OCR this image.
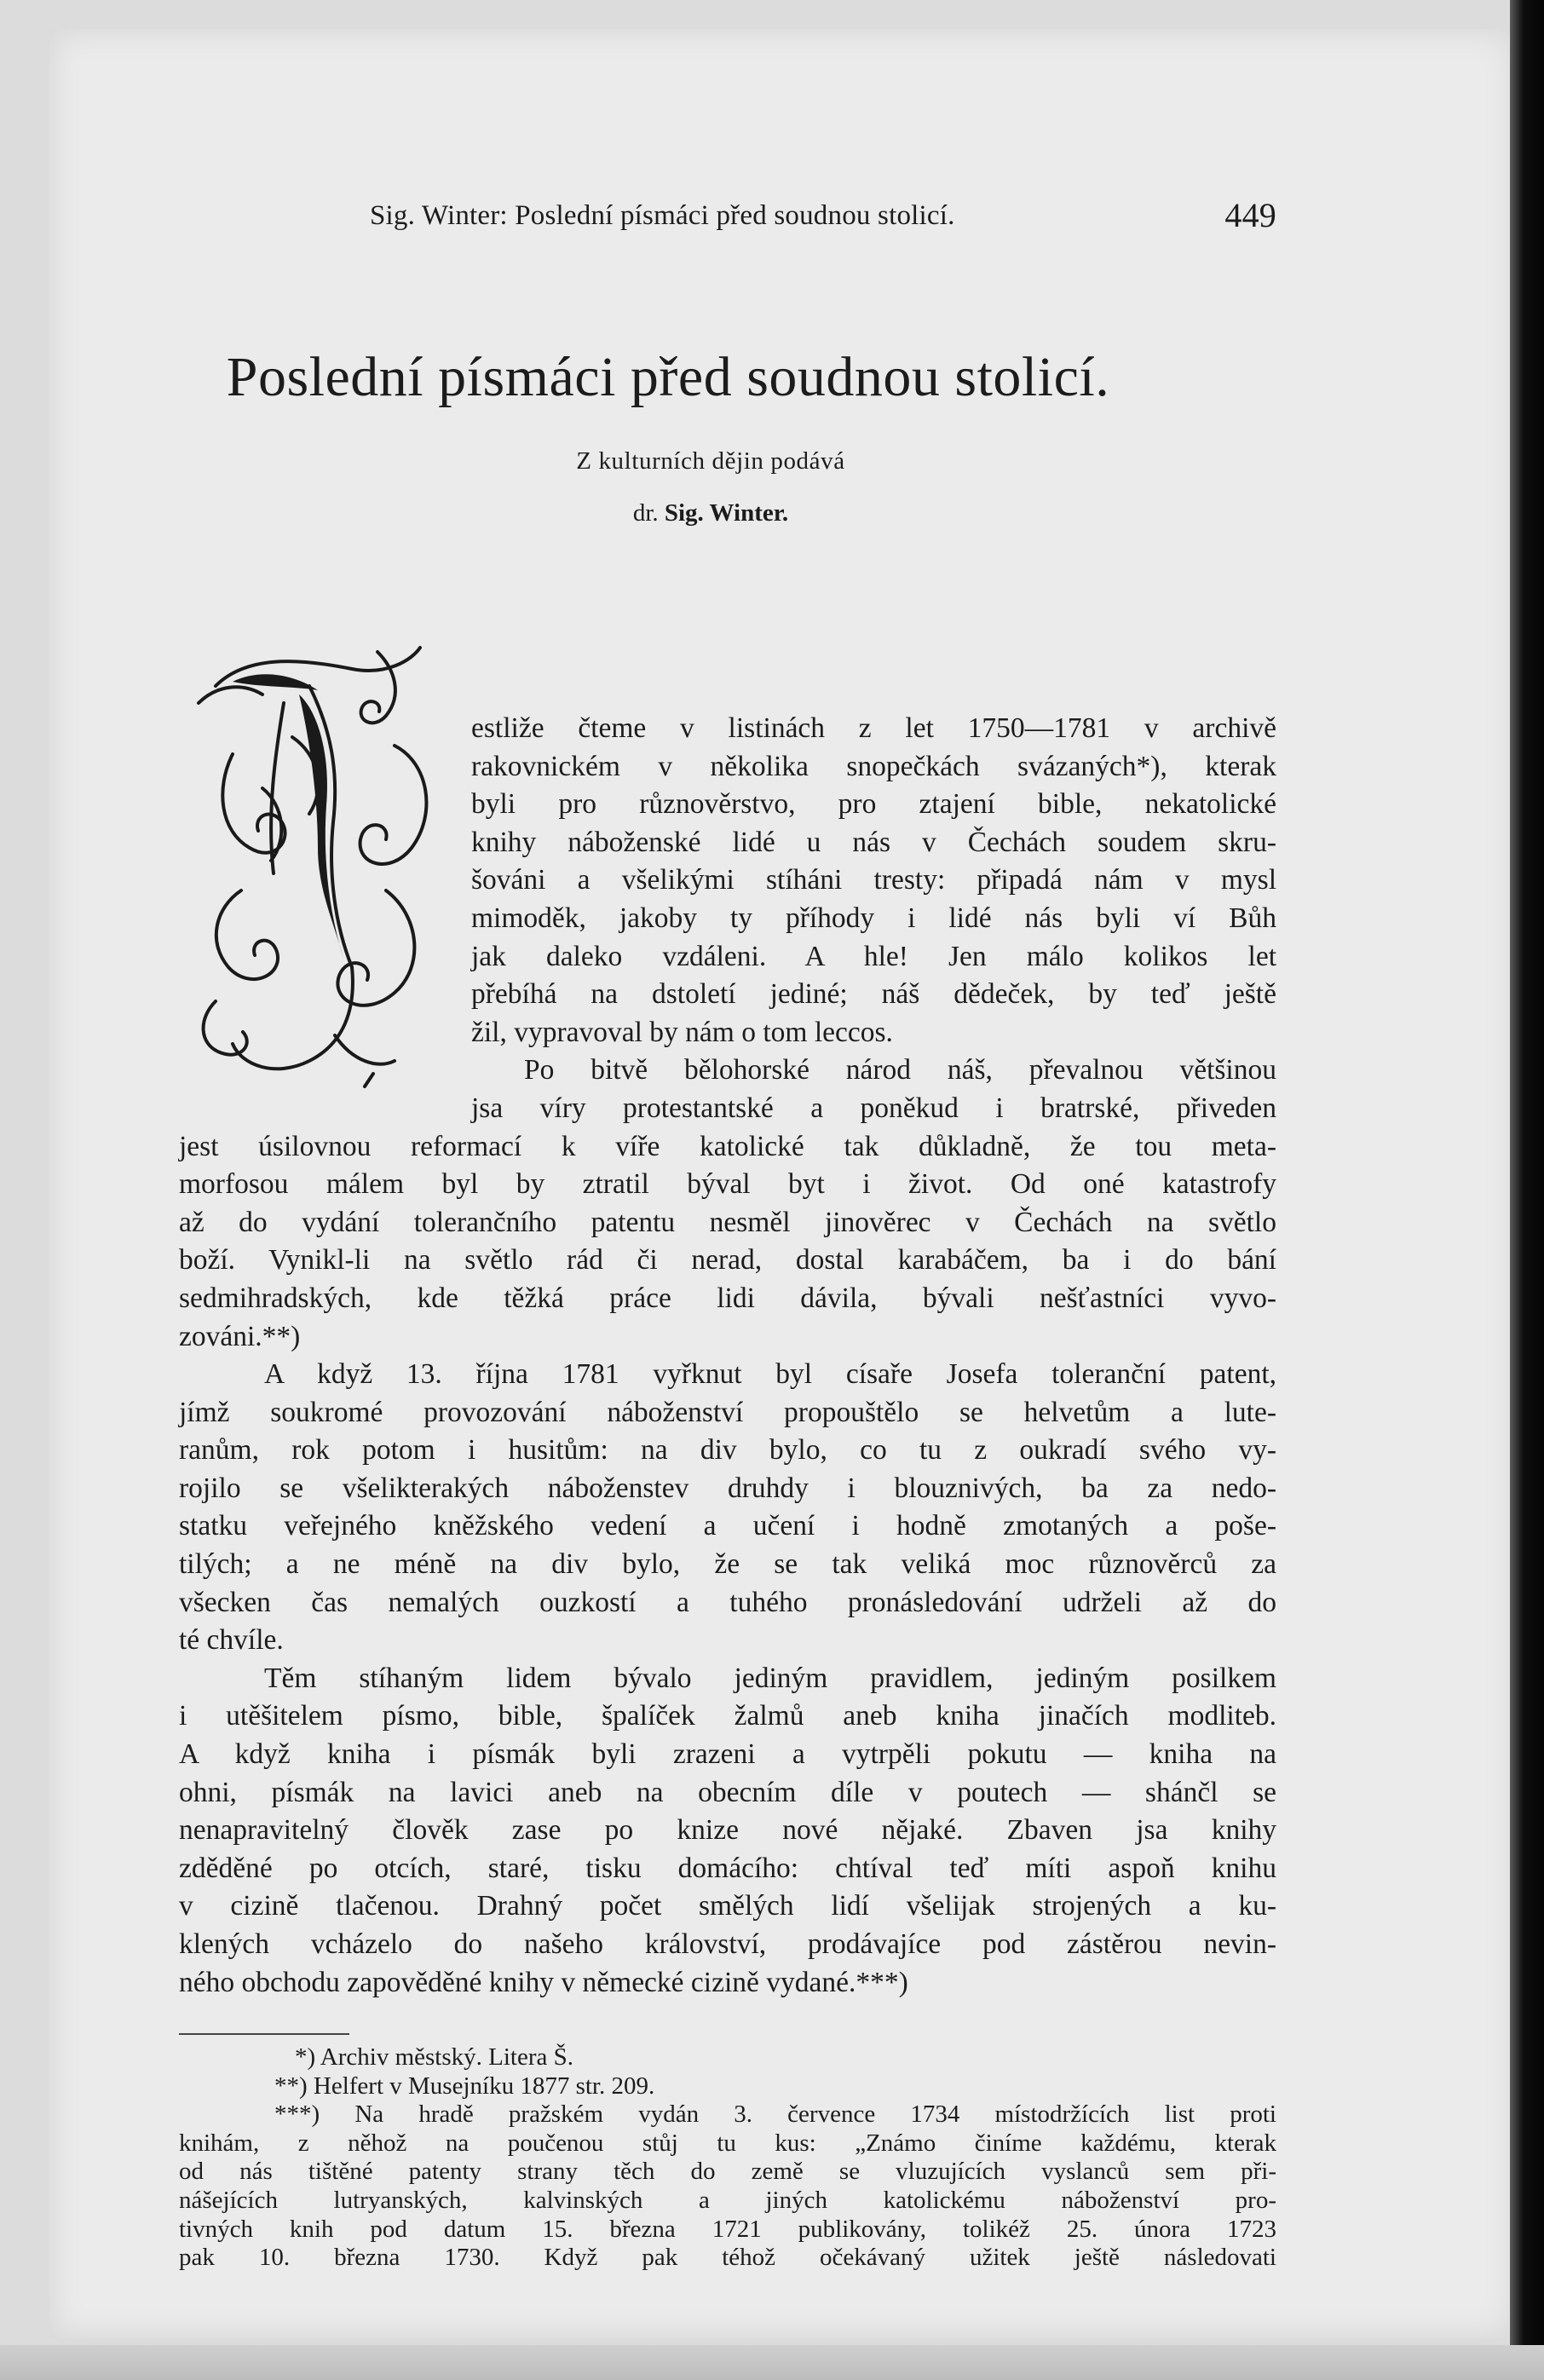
Sig. Winter: Poslední písmáci před soudnou stolicí.	449
Poslední písmáci před soudnou stolicí.
Z kulturních dějin podává
dr. Sig. Winter.
estliže čteme v listinách z let 1750—1781 v archivě
rakovnickém v několika snopečkách svázaných*), kterak
byli pro různověrstvo, pro ztajení bible, nekatolické
knihy náboženské lidé u nás v Čechách soudem skru-
šováni a všelikými stíháni tresty: připadá nám v mysl
mimoděk, jakoby ty příhody i lidé nás byli ví Bůh
jak daleko vzdáleni. A hle! Jen málo kolikos let
přebíhá na dstoletí jediné; náš dědeček, by teď ještě
žil, vypravoval by nám o tom leccos.
Po bitvě bělohorské národ náš, převalnou většinou
jsa víry protestantské a poněkud i bratrské, přiveden
jest úsilovnou reformací k víře katolické tak důkladně, že tou meta-
morfosou málem byl by ztratil býval byt i život. Od oné katastrofy
až do vydání tolerančního patentu nesměl jinověrec v Čechách na světlo
boží. Vynikl-li na světlo rád či nerad, dostal karabáčem, ba i do bání
sedmihradských, kde těžká práce lidi dávila, bývali nešťastníci vyvo-
zováni.**)
A když 13. října 1781 vyřknut byl císaře Josefa toleranční patent,
jímž soukromé provozování náboženství propouštělo se helvetům a lute-
ranům, rok potom i husitům: na div bylo, co tu z oukradí svého vy-
rojilo se všelikterakých náboženstev druhdy i blouznivých, ba za nedo-
statku veřejného kněžského vedení a učení i hodně zmotaných a poše-
tilých; a ne méně na div bylo, že se tak veliká moc různověrců za
všecken čas nemalých ouzkostí a tuhého pronásledování udrželi až do
té chvíle.
Těm stíhaným lidem bývalo jediným pravidlem, jediným posilkem
i utěšitelem písmo, bible, špalíček žalmů aneb kniha jinačích modliteb.
A když kniha i písmák byli zrazeni a vytrpěli pokutu — kniha na
ohni, písmák na lavici aneb na obecním díle v poutech — shánčl se
nenapravitelný člověk zase po knize nové nějaké. Zbaven jsa knihy
zděděné po otcích, staré, tisku domácího: chtíval teď míti aspoň knihu
v cizině tlačenou. Drahný počet smělých lidí všelijak strojených a ku-
klených vcházelo do našeho království, prodávajíce pod zástěrou nevin-
ného obchodu zapověděné knihy v německé cizině vydané.***)
*) Archiv městský. Litera Š.
**) Helfert v Musejníku 1877 str. 209.
***) Na hradě pražském vydán 3. července 1734 místodržících list proti
knihám, z něhož na poučenou stůj tu kus: „Známo činíme každému, kterak
od nás tištěné patenty strany těch do země se vluzujících vyslanců sem při-
nášejících lutryanských, kalvinských a jiných katolickému náboženství pro-
tivných knih pod datum 15. března 1721 publikovány, tolikéž 25. února 1723
pak 10. března 1730. Když pak téhož očekávaný užitek ještě následovati
